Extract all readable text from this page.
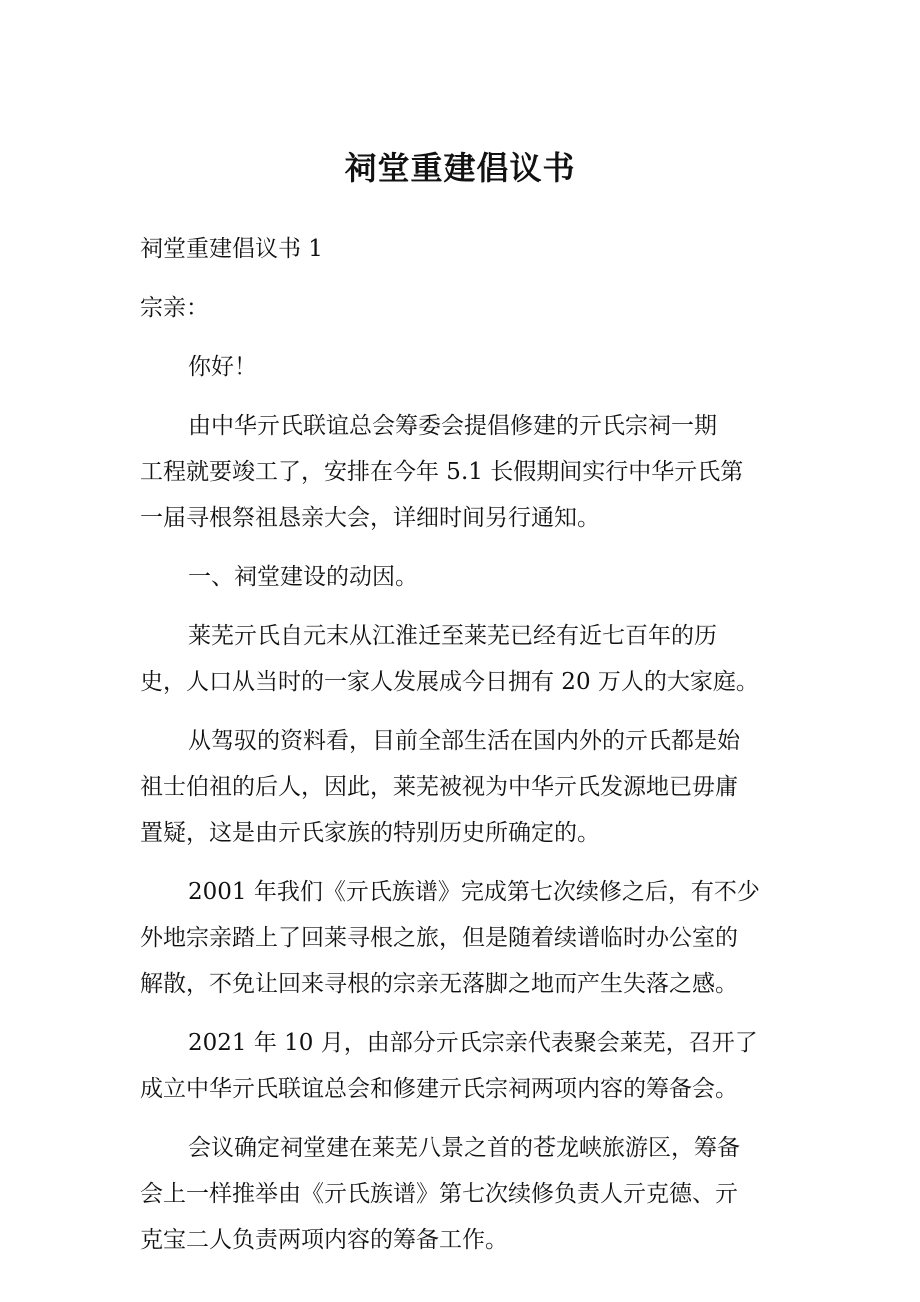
祠堂重建倡议书

祠堂重建倡议书 1

宗亲：

你好！

由中华亓氏联谊总会筹委会提倡修建的亓氏宗祠一期

工程就要竣工了，安排在今年 5.1 长假期间实行中华亓氏第

一届寻根祭祖恳亲大会，详细时间另行通知。

一、祠堂建设的动因。

莱芜亓氏自元末从江淮迁至莱芜已经有近七百年的历

史，人口从当时的一家人发展成今日拥有 20 万人的大家庭。

从驾驭的资料看，目前全部生活在国内外的亓氏都是始

祖士伯祖的后人，因此，莱芜被视为中华亓氏发源地已毋庸

置疑，这是由亓氏家族的特别历史所确定的。

2001 年我们《亓氏族谱》完成第七次续修之后，有不少

外地宗亲踏上了回莱寻根之旅，但是随着续谱临时办公室的

解散，不免让回来寻根的宗亲无落脚之地而产生失落之感。

2021 年 10 月，由部分亓氏宗亲代表聚会莱芜，召开了

成立中华亓氏联谊总会和修建亓氏宗祠两项内容的筹备会。

会议确定祠堂建在莱芜八景之首的苍龙峡旅游区，筹备

会上一样推举由《亓氏族谱》第七次续修负责人亓克德、亓

克宝二人负责两项内容的筹备工作。
